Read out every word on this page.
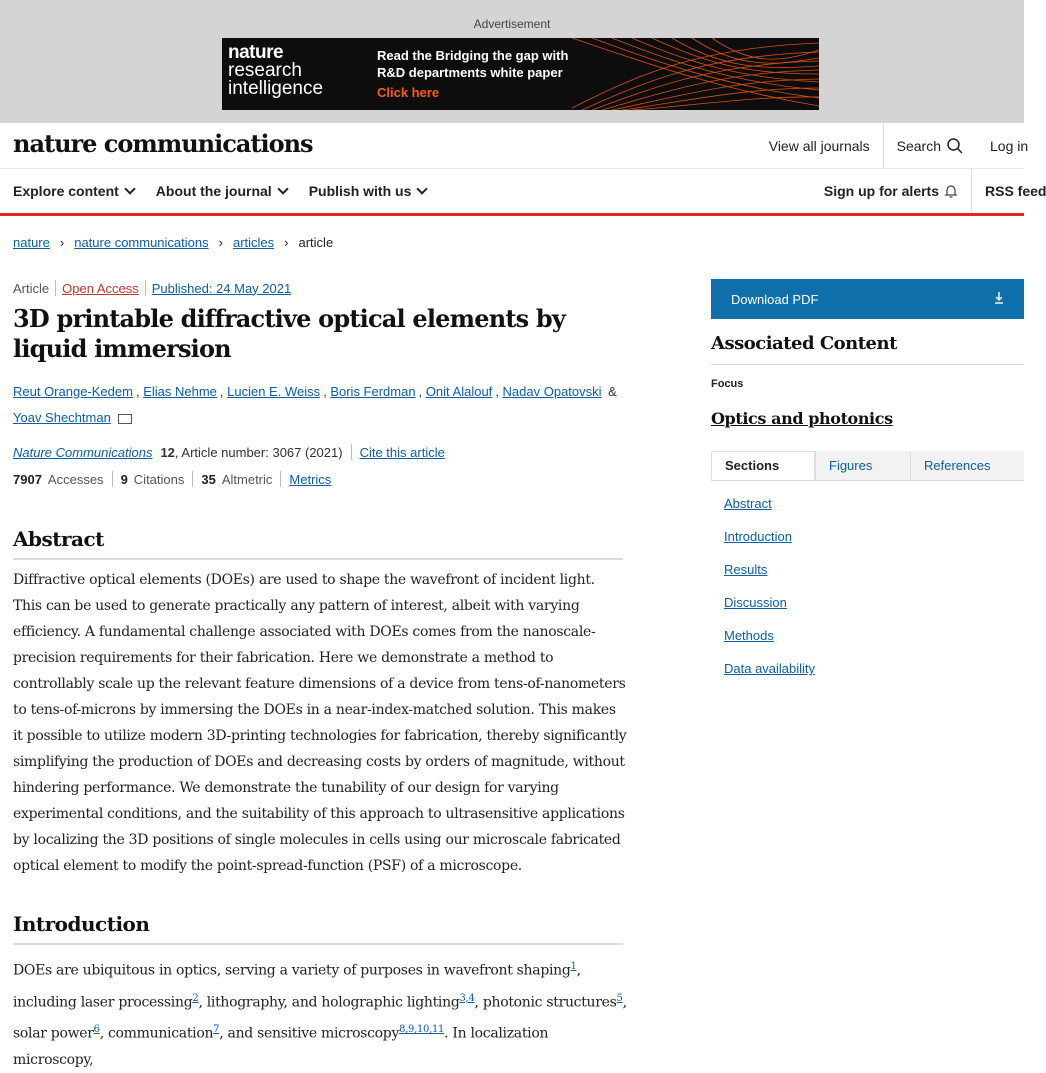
Advertisement
nature
research
intelligence
Read the Bridging the gap with
R&D departments white paper
Click here
nature communications	View all journals	Search	Log in
Explore content	About the journal	Publish with us	Sign up for alerts	RSS feed
nature › nature communications › articles › article
Article Open Access Published: 24 May 2021
3D printable diffractive optical elements by liquid immersion
Reut Orange-Kedem , Elias Nehme , Lucien E. Weiss , Boris Ferdman , Onit Alalouf , Nadav Opatovski & Yoav Shechtman
Nature Communications 12 , Article number: 3067 (2021) Cite this article
7907 Accesses 9 Citations 35 Altmetric Metrics
Abstract
Diffractive optical elements (DOEs) are used to shape the wavefront of incident light. This can be used to generate practically any pattern of interest, albeit with varying efficiency. A fundamental challenge associated with DOEs comes from the nanoscale-precision requirements for their fabrication. Here we demonstrate a method to controllably scale up the relevant feature dimensions of a device from tens-of-nanometers to tens-of-microns by immersing the DOEs in a near-index-matched solution. This makes it possible to utilize modern 3D-printing technologies for fabrication, thereby significantly simplifying the production of DOEs and decreasing costs by orders of magnitude, without hindering performance. We demonstrate the tunability of our design for varying experimental conditions, and the suitability of this approach to ultrasensitive applications by localizing the 3D positions of single molecules in cells using our microscale fabricated optical element to modify the point-spread-function (PSF) of a microscope.
Introduction
DOEs are ubiquitous in optics, serving a variety of purposes in wavefront shaping$^1$, including laser processing$^2$, lithography, and holographic lighting$^{3,4}$, photonic structures$^5$, solar power$^6$, communication$^7$, and sensitive microscopy$^{8,9,10,11}$. In localization microscopy,
Download PDF
Associated Content
Focus
Optics and photonics
Sections	Figures	References
Abstract
Introduction
Results
Discussion
Methods
Data availability
